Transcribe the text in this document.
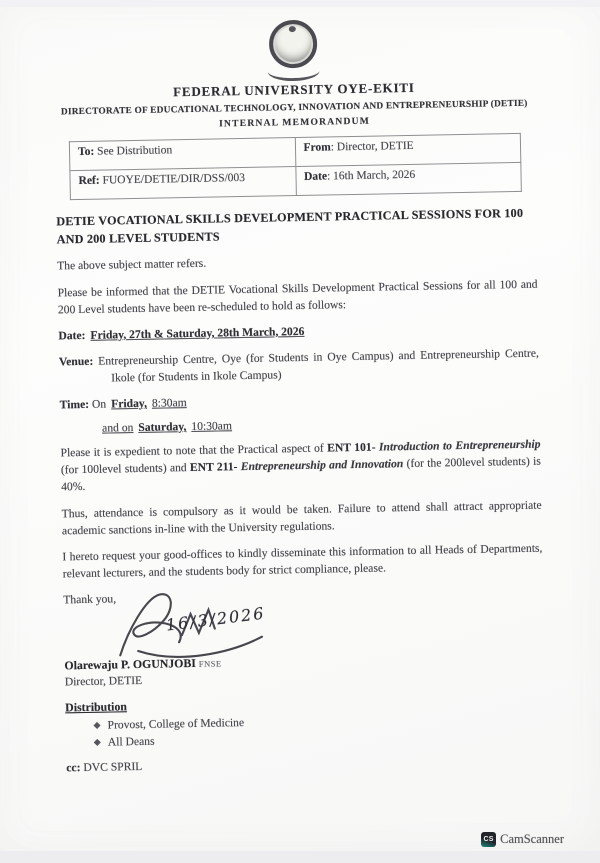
FEDERAL UNIVERSITY OYE-EKITI
DIRECTORATE OF EDUCATIONAL TECHNOLOGY, INNOVATION AND ENTREPRENEURSHIP (DETIE)
INTERNAL MEMORANDUM
To: See Distribution	From: Director, DETIE
Ref: FUOYE/DETIE/DIR/DSS/003	Date: 16th March, 2026
DETIE VOCATIONAL SKILLS DEVELOPMENT PRACTICAL SESSIONS FOR 100 AND 200 LEVEL STUDENTS

The above subject matter refers.

Please be informed that the DETIE Vocational Skills Development Practical Sessions for all 100 and 200 Level students have been re-scheduled to hold as follows:

Date: Friday, 27th & Saturday, 28th March, 2026

Venue: Entrepreneurship Centre, Oye (for Students in Oye Campus) and Entrepreneurship Centre, Ikole (for Students in Ikole Campus)

Time: On Friday, 8:30am

and on Saturday, 10:30am

Please it is expedient to note that the Practical aspect of ENT 101- Introduction to Entrepreneurship (for 100level students) and ENT 211- Entrepreneurship and Innovation (for the 200level students) is 40%.

Thus, attendance is compulsory as it would be taken. Failure to attend shall attract appropriate academic sanctions in-line with the University regulations.

I hereto request your good-offices to kindly disseminate this information to all Heads of Departments, relevant lecturers, and the students body for strict compliance, please.

Thank you,

16/3/2026
Olarewaju P. OGUNJOBI FNSE
Director, DETIE
Distribution

◆ Provost, College of Medicine

◆ All Deans

cc: DVC SPRIL

CS CamScanner
